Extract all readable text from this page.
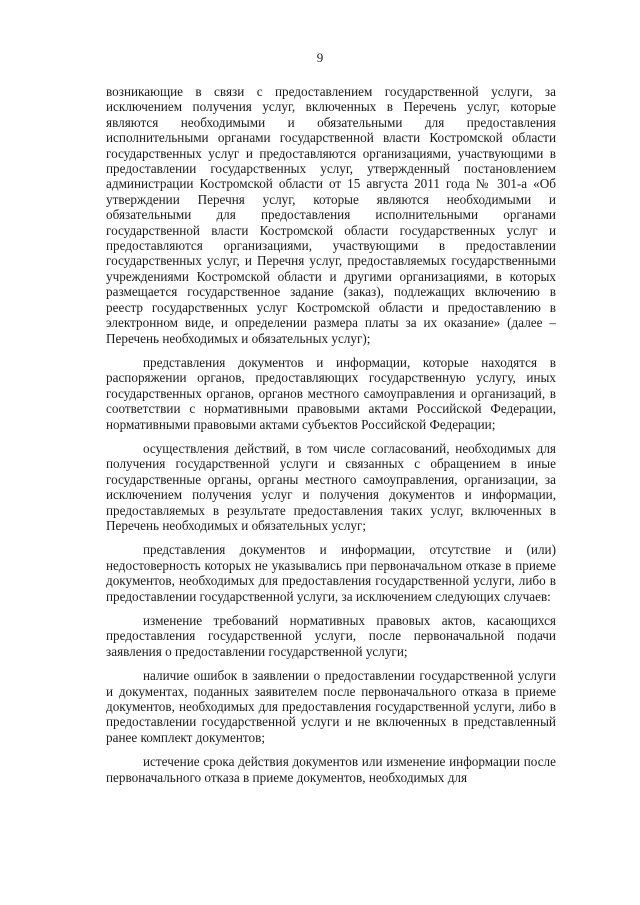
9

возникающие в связи с предоставлением государственной услуги, за исключением получения услуг, включенных в Перечень услуг, которые являются необходимыми и обязательными для предоставления исполнительными органами государственной власти Костромской области государственных услуг и предоставляются организациями, участвующими в предоставлении государственных услуг, утвержденный постановлением администрации Костромской области от 15 августа 2011 года № 301-а «Об утверждении Перечня услуг, которые являются необходимыми и обязательными для предоставления исполнительными органами государственной власти Костромской области государственных услуг и предоставляются организациями, участвующими в предоставлении государственных услуг, и Перечня услуг, предоставляемых государственными учреждениями Костромской области и другими организациями, в которых размещается государственное задание (заказ), подлежащих включению в реестр государственных услуг Костромской области и предоставлению в электронном виде, и определении размера платы за их оказание» (далее – Перечень необходимых и обязательных услуг);

представления документов и информации, которые находятся в распоряжении органов, предоставляющих государственную услугу, иных государственных органов, органов местного самоуправления и организаций, в соответствии с нормативными правовыми актами Российской Федерации, нормативными правовыми актами субъектов Российской Федерации;

осуществления действий, в том числе согласований, необходимых для получения государственной услуги и связанных с обращением в иные государственные органы, органы местного самоуправления, организации, за исключением получения услуг и получения документов и информации, предоставляемых в результате предоставления таких услуг, включенных в Перечень необходимых и обязательных услуг;

представления документов и информации, отсутствие и (или) недостоверность которых не указывались при первоначальном отказе в приеме документов, необходимых для предоставления государственной услуги, либо в предоставлении государственной услуги, за исключением следующих случаев:

изменение требований нормативных правовых актов, касающихся предоставления государственной услуги, после первоначальной подачи заявления о предоставлении государственной услуги;

наличие ошибок в заявлении о предоставлении государственной услуги и документах, поданных заявителем после первоначального отказа в приеме документов, необходимых для предоставления государственной услуги, либо в предоставлении государственной услуги и не включенных в представленный ранее комплект документов;

истечение срока действия документов или изменение информации после первоначального отказа в приеме документов, необходимых для
